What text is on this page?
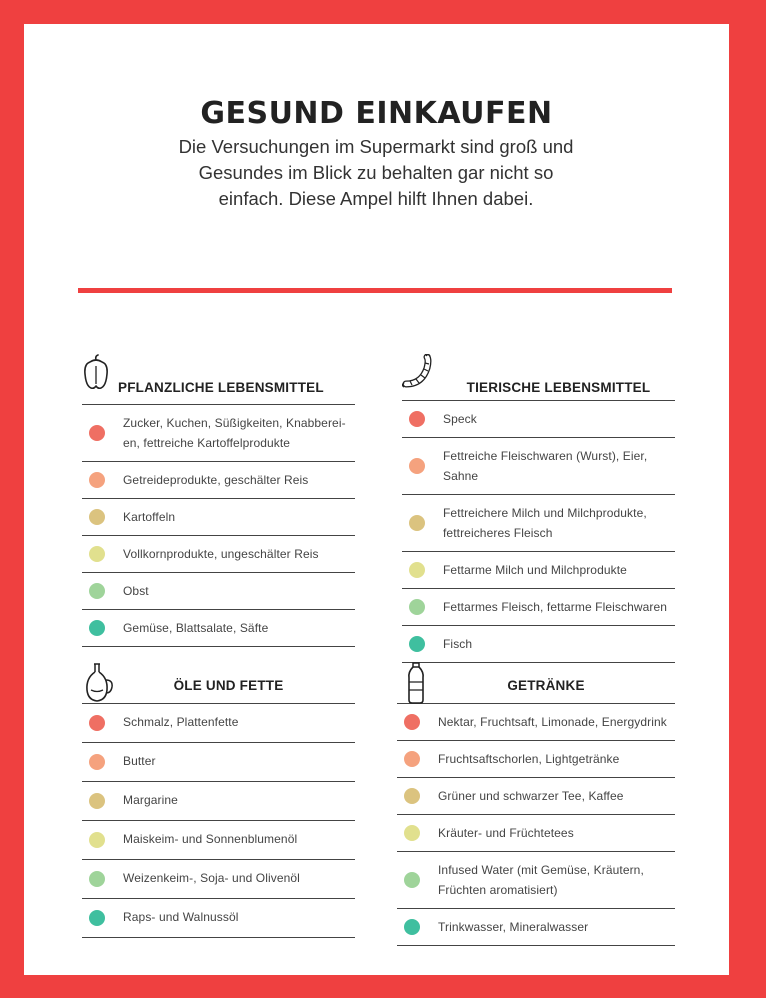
GESUND EINKAUFEN
Die Versuchungen im Supermarkt sind groß und Gesundes im Blick zu behalten gar nicht so einfach. Diese Ampel hilft Ihnen dabei.
PFLANZLICHE LEBENSMITTEL
Zucker, Kuchen, Süßigkeiten, Knabberei-
en, fettreiche Kartoffelprodukte
Getreideprodukte, geschälter Reis
Kartoffeln
Vollkornprodukte, ungeschälter Reis
Obst
Gemüse, Blattsalate, Säfte
TIERISCHE LEBENSMITTEL
Speck
Fettreiche Fleischwaren (Wurst), Eier, Sahne
Fettreichere Milch und Milchprodukte,
fettreicheres Fleisch
Fettarme Milch und Milchprodukte
Fettarmes Fleisch, fettarme Fleischwaren
Fisch
ÖLE UND FETTE
Schmalz, Plattenfette
Butter
Margarine
Maiskeim- und Sonnenblumenöl
Weizenkeim-, Soja- und Olivenöl
Raps- und Walnussöl
GETRÄNKE
Nektar, Fruchtsaft, Limonade, Energydrink
Fruchtsaftschorlen, Lightgetränke
Grüner und schwarzer Tee, Kaffee
Kräuter- und Früchtetees
Infused Water (mit Gemüse, Kräutern,
Früchten aromatisiert)
Trinkwasser, Mineralwasser
